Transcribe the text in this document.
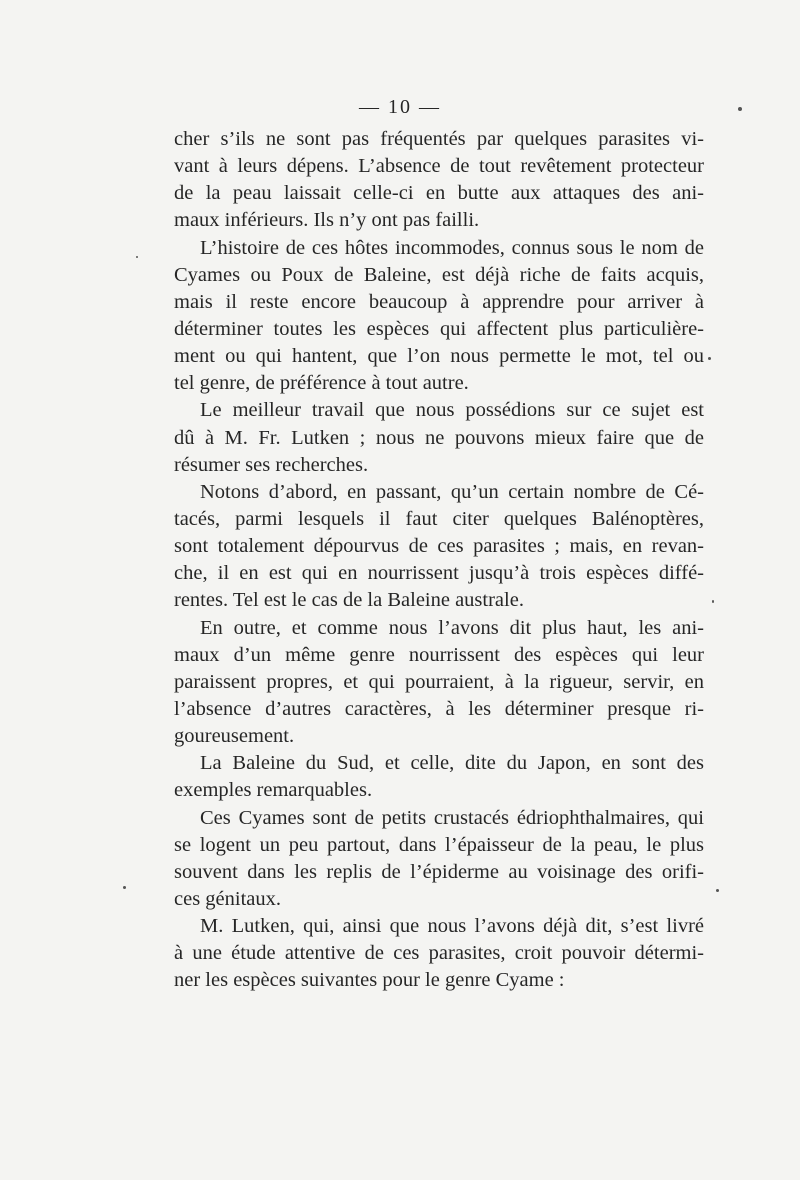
— 10 —
cher s’ils ne sont pas fréquentés par quelques parasites vi-
vant à leurs dépens. L’absence de tout revêtement protecteur
de la peau laissait celle-ci en butte aux attaques des ani-
maux inférieurs. Ils n’y ont pas failli.
L’histoire de ces hôtes incommodes, connus sous le nom de
Cyames ou Poux de Baleine, est déjà riche de faits acquis,
mais il reste encore beaucoup à apprendre pour arriver à
déterminer toutes les espèces qui affectent plus particulière-
ment ou qui hantent, que l’on nous permette le mot, tel ou
tel genre, de préférence à tout autre.
Le meilleur travail que nous possédions sur ce sujet est
dû à M. Fr. Lutken ; nous ne pouvons mieux faire que de
résumer ses recherches.
Notons d’abord, en passant, qu’un certain nombre de Cé-
tacés, parmi lesquels il faut citer quelques Balénoptères,
sont totalement dépourvus de ces parasites ; mais, en revan-
che, il en est qui en nourrissent jusqu’à trois espèces diffé-
rentes. Tel est le cas de la Baleine australe.
En outre, et comme nous l’avons dit plus haut, les ani-
maux d’un même genre nourrissent des espèces qui leur
paraissent propres, et qui pourraient, à la rigueur, servir, en
l’absence d’autres caractères, à les déterminer presque ri-
goureusement.
La Baleine du Sud, et celle, dite du Japon, en sont des
exemples remarquables.
Ces Cyames sont de petits crustacés édriophthalmaires, qui
se logent un peu partout, dans l’épaisseur de la peau, le plus
souvent dans les replis de l’épiderme au voisinage des orifi-
ces génitaux.
M. Lutken, qui, ainsi que nous l’avons déjà dit, s’est livré
à une étude attentive de ces parasites, croit pouvoir détermi-
ner les espèces suivantes pour le genre Cyame :
